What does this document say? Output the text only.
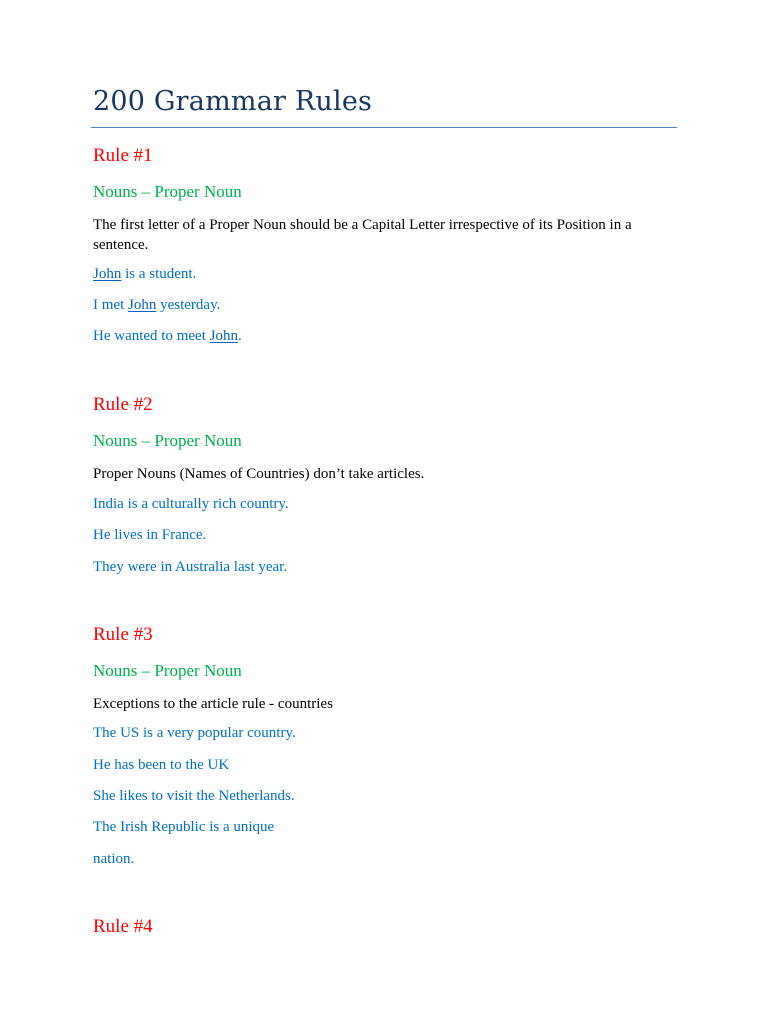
200 Grammar Rules
Rule #1
Nouns – Proper Noun
The first letter of a Proper Noun should be a Capital Letter irrespective of its Position in a sentence.
John is a student.
I met John yesterday.
He wanted to meet John.
Rule #2
Nouns – Proper Noun
Proper Nouns (Names of Countries) don’t take articles.
India is a culturally rich country.
He lives in France.
They were in Australia last year.
Rule #3
Nouns – Proper Noun
Exceptions to the article rule - countries
The US is a very popular country.
He has been to the UK
She likes to visit the Netherlands.
The Irish Republic is a unique
nation.
Rule #4
